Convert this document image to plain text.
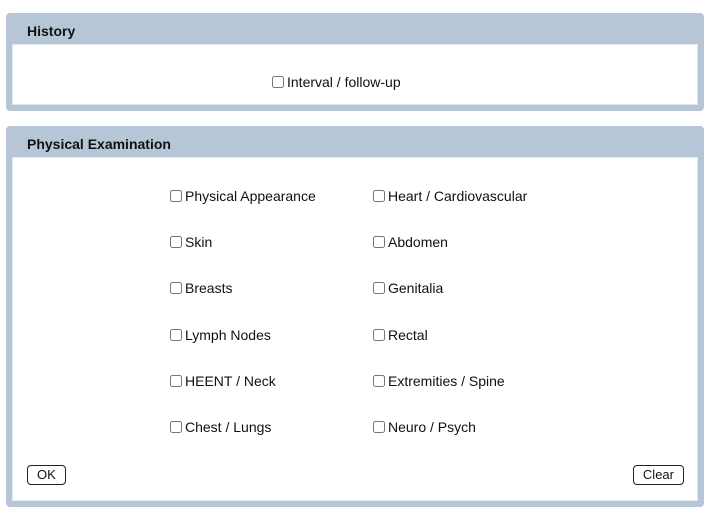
History
Interval / follow-up
Physical Examination
Physical Appearance
Skin
Breasts
Lymph Nodes
HEENT / Neck
Chest / Lungs
Heart / Cardiovascular
Abdomen
Genitalia
Rectal
Extremities / Spine
Neuro / Psych
OK	Clear
